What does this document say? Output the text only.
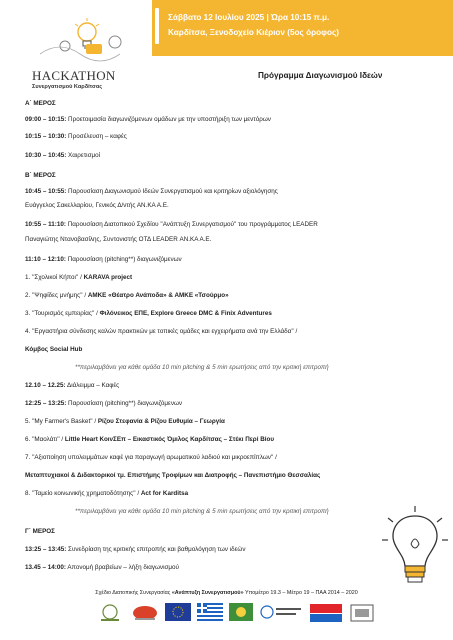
Σάββατο 12 Ιουλίου 2025 | Ώρα 10:15 π.μ.
Καρδίτσα, Ξενοδοχείο Κιέριον (5ος όροφος)
HACKATHON
Συνεργατισμού Καρδίτσας
Πρόγραμμα Διαγωνισμού Ιδεών
Α΄ ΜΕΡΟΣ
09:00 – 10:15: Προετοιμασία διαγωνιζόμενων ομάδων με την υποστήριξη των μεντόρων
10:15 – 10:30: Προσέλευση – καφές
10:30 – 10:45: Χαιρετισμοί
Β΄ ΜΕΡΟΣ
10:45 – 10:55: Παρουσίαση Διαγωνισμού Ιδεών Συνεργατισμού και κριτηρίων αξιολόγησης
Ευάγγελος Σακελλαρίου, Γενικός Δ/ντής ΑΝ.ΚΑ Α.Ε.
10:55 – 11:10: Παρουσίαση Διατοπικού Σχεδίου ''Ανάπτυξη Συνεργατισμού'' του προγράμματος LEADER
Παναγιώτης Ντανοβασίλης, Συντονιστής ΟΤΔ LEADER ΑΝ.ΚΑ Α.Ε.
11:10 – 12:10: Παρουσίαση (pitching**) διαγωνιζόμενων
1. ''Σχολικοί Κήποι'' / KARAVA project
2. ''Ψηφίδες μνήμης'' / ΑΜΚΕ «Θέατρο Ανάποδα» & ΑΜΚΕ «Τσούρμο»
3. ''Τουρισμός εμπειρίας'' / Φιλόνεικος ΕΠΕ, Explore Greece DMC & Finix Adventures
4. ''Εργαστήρια σύνδεσης καλών πρακτικών με τοπικές ομάδες και εγχειρήματα ανά την Ελλάδα'' /
Κόμβος Social Hub
**περιλαμβάνει για κάθε ομάδα 10 min pitching & 5 min ερωτήσεις από την κριτική επιτροπή
12.10 – 12.25: Διάλειμμα – Καφές
12:25 – 13:25: Παρουσίαση (pitching**) διαγωνιζόμενων
5. ''My Farmer's Basket'' / Ρίζου Στεφανία & Ρίζου Ευθυμία – Γεωργία
6. ''Μαολάτι'' / Little Heart ΚοινΣΕπ – Εικαστικός Όμιλος Καρδίτσας – Στέκι Περί Βίου
7. ''Αξιοποίηση υπολειμμάτων καφέ για παραγωγή αρωματικού λαδιού και μικροεπίπλων'' /
Μεταπτυχιακοί & Διδακτορικοί τμ. Επιστήμης Τροφίμων και Διατροφής – Πανεπιστήμιο Θεσσαλίας
8. ''Ταμείο κοινωνικής χρηματοδότησης'' / Act for Karditsa
**περιλαμβάνει για κάθε ομάδα 10 min pitching & 5 min ερωτήσεις από την κριτική επιτροπή
Γ΄ ΜΕΡΟΣ
13:25 – 13:45: Συνεδρίαση της κριτικής επιτροπής και βαθμολόγηση των ιδεών
13.45 – 14:00: Απονομή βραβείων – λήξη διαγωνισμού
Σχέδιο Διατοπικής Συνεργασίας «Ανάπτυξη Συνεργατισμού» Υπομέτρο 19.3 – Μέτρο 19 – ΠΑΑ 2014 – 2020
